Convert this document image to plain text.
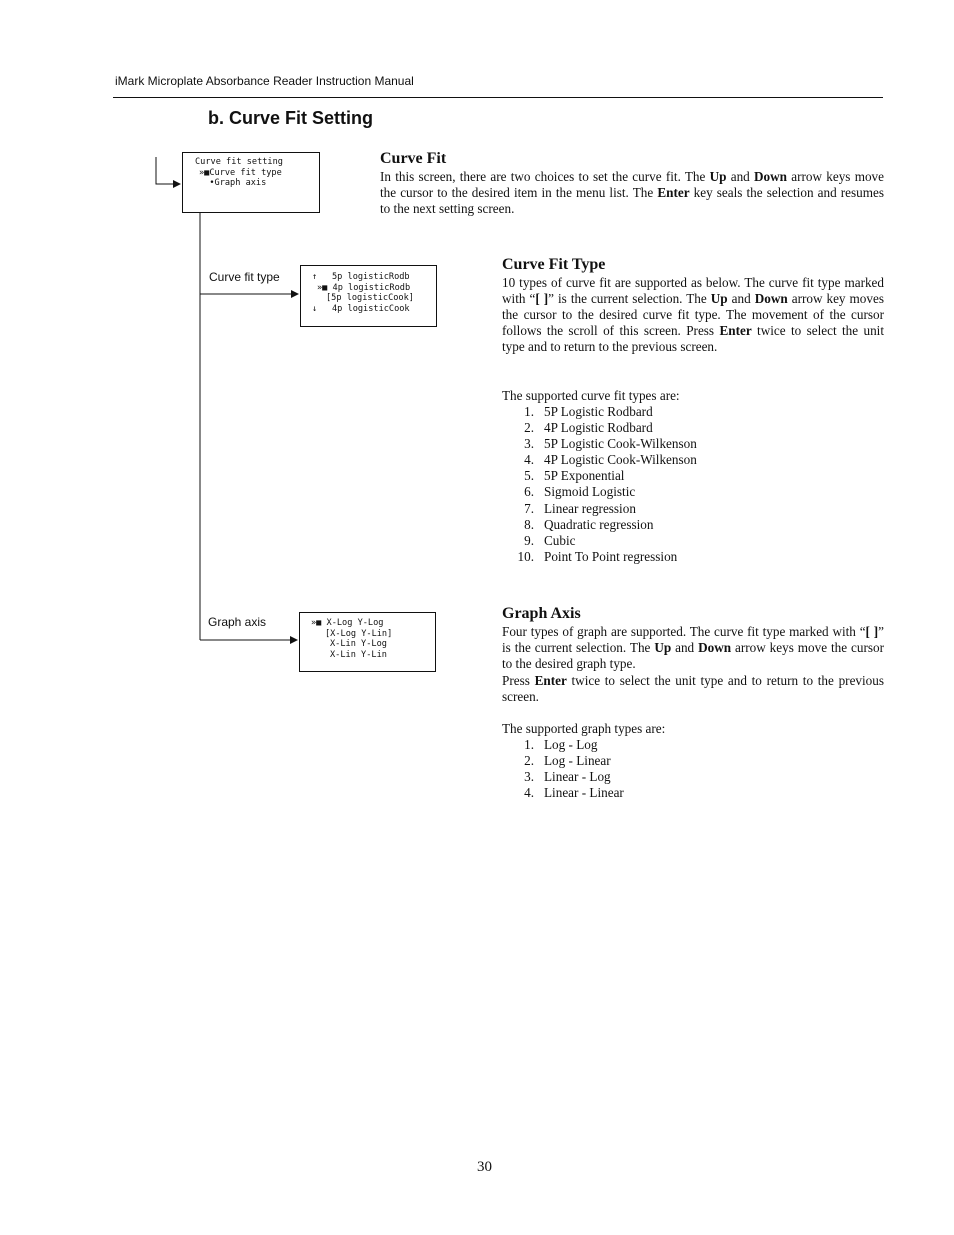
iMark Microplate Absorbance Reader Instruction Manual
b. Curve Fit Setting

Curve fit setting

»■Curve fit type

•Graph axis

Curve fit type

	↑

5p logisticRodb

»■ 4p logisticRodb

[5p logisticCook]

↓

4p logisticCook

Graph axis

	»■ X-Log Y-Log

[X-Log Y-Lin]

X-Lin Y-Log

X-Lin Y-Lin

Curve Fit
In this screen, there are two choices to set the curve fit. The Up and Down arrow keys move the cursor to the desired item in the menu list. The Enter key seals the selection and resumes to the next setting screen.
Curve Fit Type
10 types of curve fit are supported as below. The curve fit type marked with “[ ]” is the current selection. The Up and Down arrow key moves the cursor to the desired curve fit type. The movement of the cursor follows the scroll of this screen. Press Enter twice to select the unit type and to return to the previous screen.
The supported curve fit types are:
1. 5P Logistic Rodbard
2. 4P Logistic Rodbard
3. 5P Logistic Cook-Wilkenson
4. 4P Logistic Cook-Wilkenson
5. 5P Exponential
6. Sigmoid Logistic
7. Linear regression
8. Quadratic regression
9. Cubic
10. Point To Point regression
Graph Axis
Four types of graph are supported. The curve fit type marked with “[ ]” is the current selection. The Up and Down arrow keys move the cursor to the desired graph type.
Press Enter twice to select the unit type and to return to the previous screen.
The supported graph types are:
1. Log - Log
2. Log - Linear
3. Linear - Log
4. Linear - Linear
30
